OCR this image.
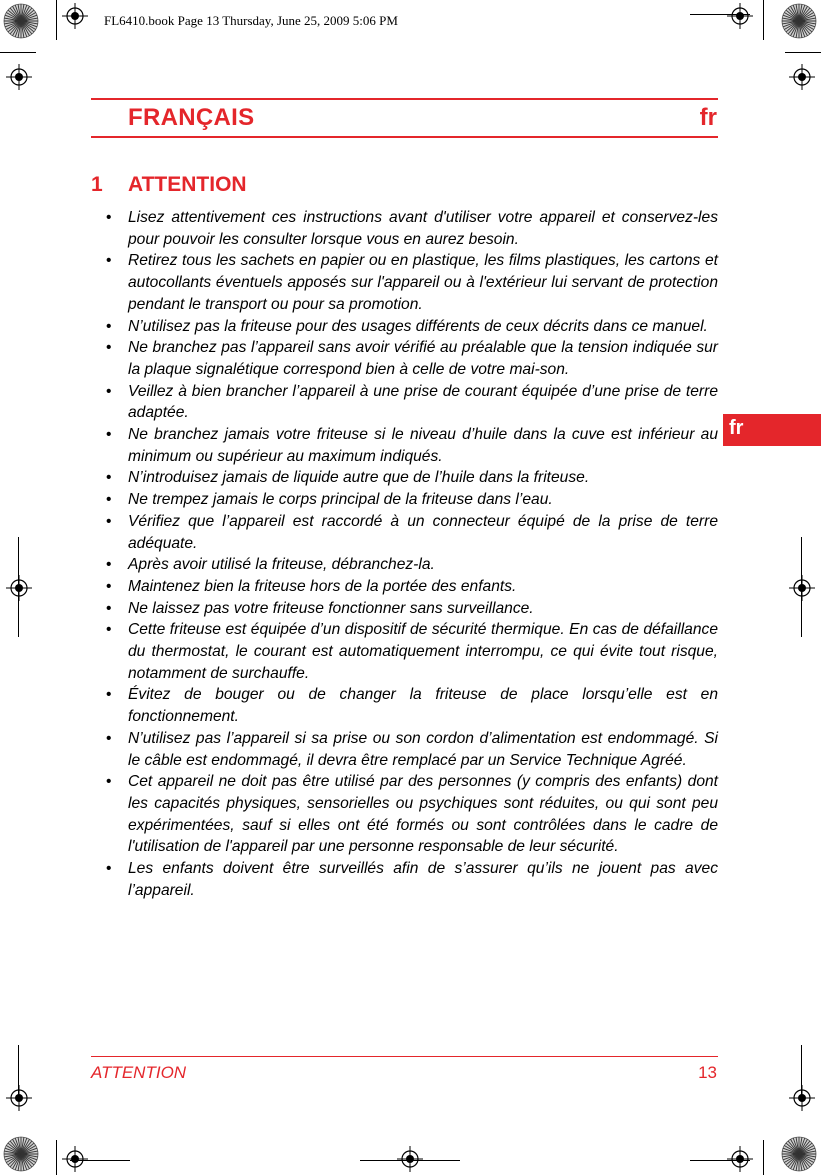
FL6410.book Page 13 Thursday, June 25, 2009 5:06 PM
FRANÇAIS	fr
fr
1 ATTENTION
• Lisez attentivement ces instructions avant d'utiliser votre appareil et conservez-les pour pouvoir les consulter lorsque vous en aurez besoin.
• Retirez tous les sachets en papier ou en plastique, les films plastiques, les cartons et autocollants éventuels apposés sur l'appareil ou à l'extérieur lui servant de protection pendant le transport ou pour sa promotion.
• N’utilisez pas la friteuse pour des usages différents de ceux décrits dans ce manuel.
• Ne branchez pas l’appareil sans avoir vérifié au préalable que la tension indiquée sur la plaque signalétique correspond bien à celle de votre mai-son.
• Veillez à bien brancher l’appareil à une prise de courant équipée d’une prise de terre adaptée.
• Ne branchez jamais votre friteuse si le niveau d’huile dans la cuve est inférieur au minimum ou supérieur au maximum indiqués.
• N’introduisez jamais de liquide autre que de l’huile dans la friteuse.
• Ne trempez jamais le corps principal de la friteuse dans l’eau.
• Vérifiez que l’appareil est raccordé à un connecteur équipé de la prise de terre adéquate.
• Après avoir utilisé la friteuse, débranchez-la.
• Maintenez bien la friteuse hors de la portée des enfants.
• Ne laissez pas votre friteuse fonctionner sans surveillance.
• Cette friteuse est équipée d’un dispositif de sécurité thermique. En cas de défaillance du thermostat, le courant est automatiquement interrompu, ce qui évite tout risque, notamment de surchauffe.
• Évitez de bouger ou de changer la friteuse de place lorsqu’elle est en fonctionnement.
• N’utilisez pas l’appareil si sa prise ou son cordon d’alimentation est endommagé. Si le câble est endommagé, il devra être remplacé par un Service Technique Agréé.
• Cet appareil ne doit pas être utilisé par des personnes (y compris des enfants) dont les capacités physiques, sensorielles ou psychiques sont réduites, ou qui sont peu expérimentées, sauf si elles ont été formés ou sont contrôlées dans le cadre de l'utilisation de l'appareil par une personne responsable de leur sécurité.
• Les enfants doivent être surveillés afin de s’assurer qu’ils ne jouent pas avec l’appareil.
ATTENTION	13
